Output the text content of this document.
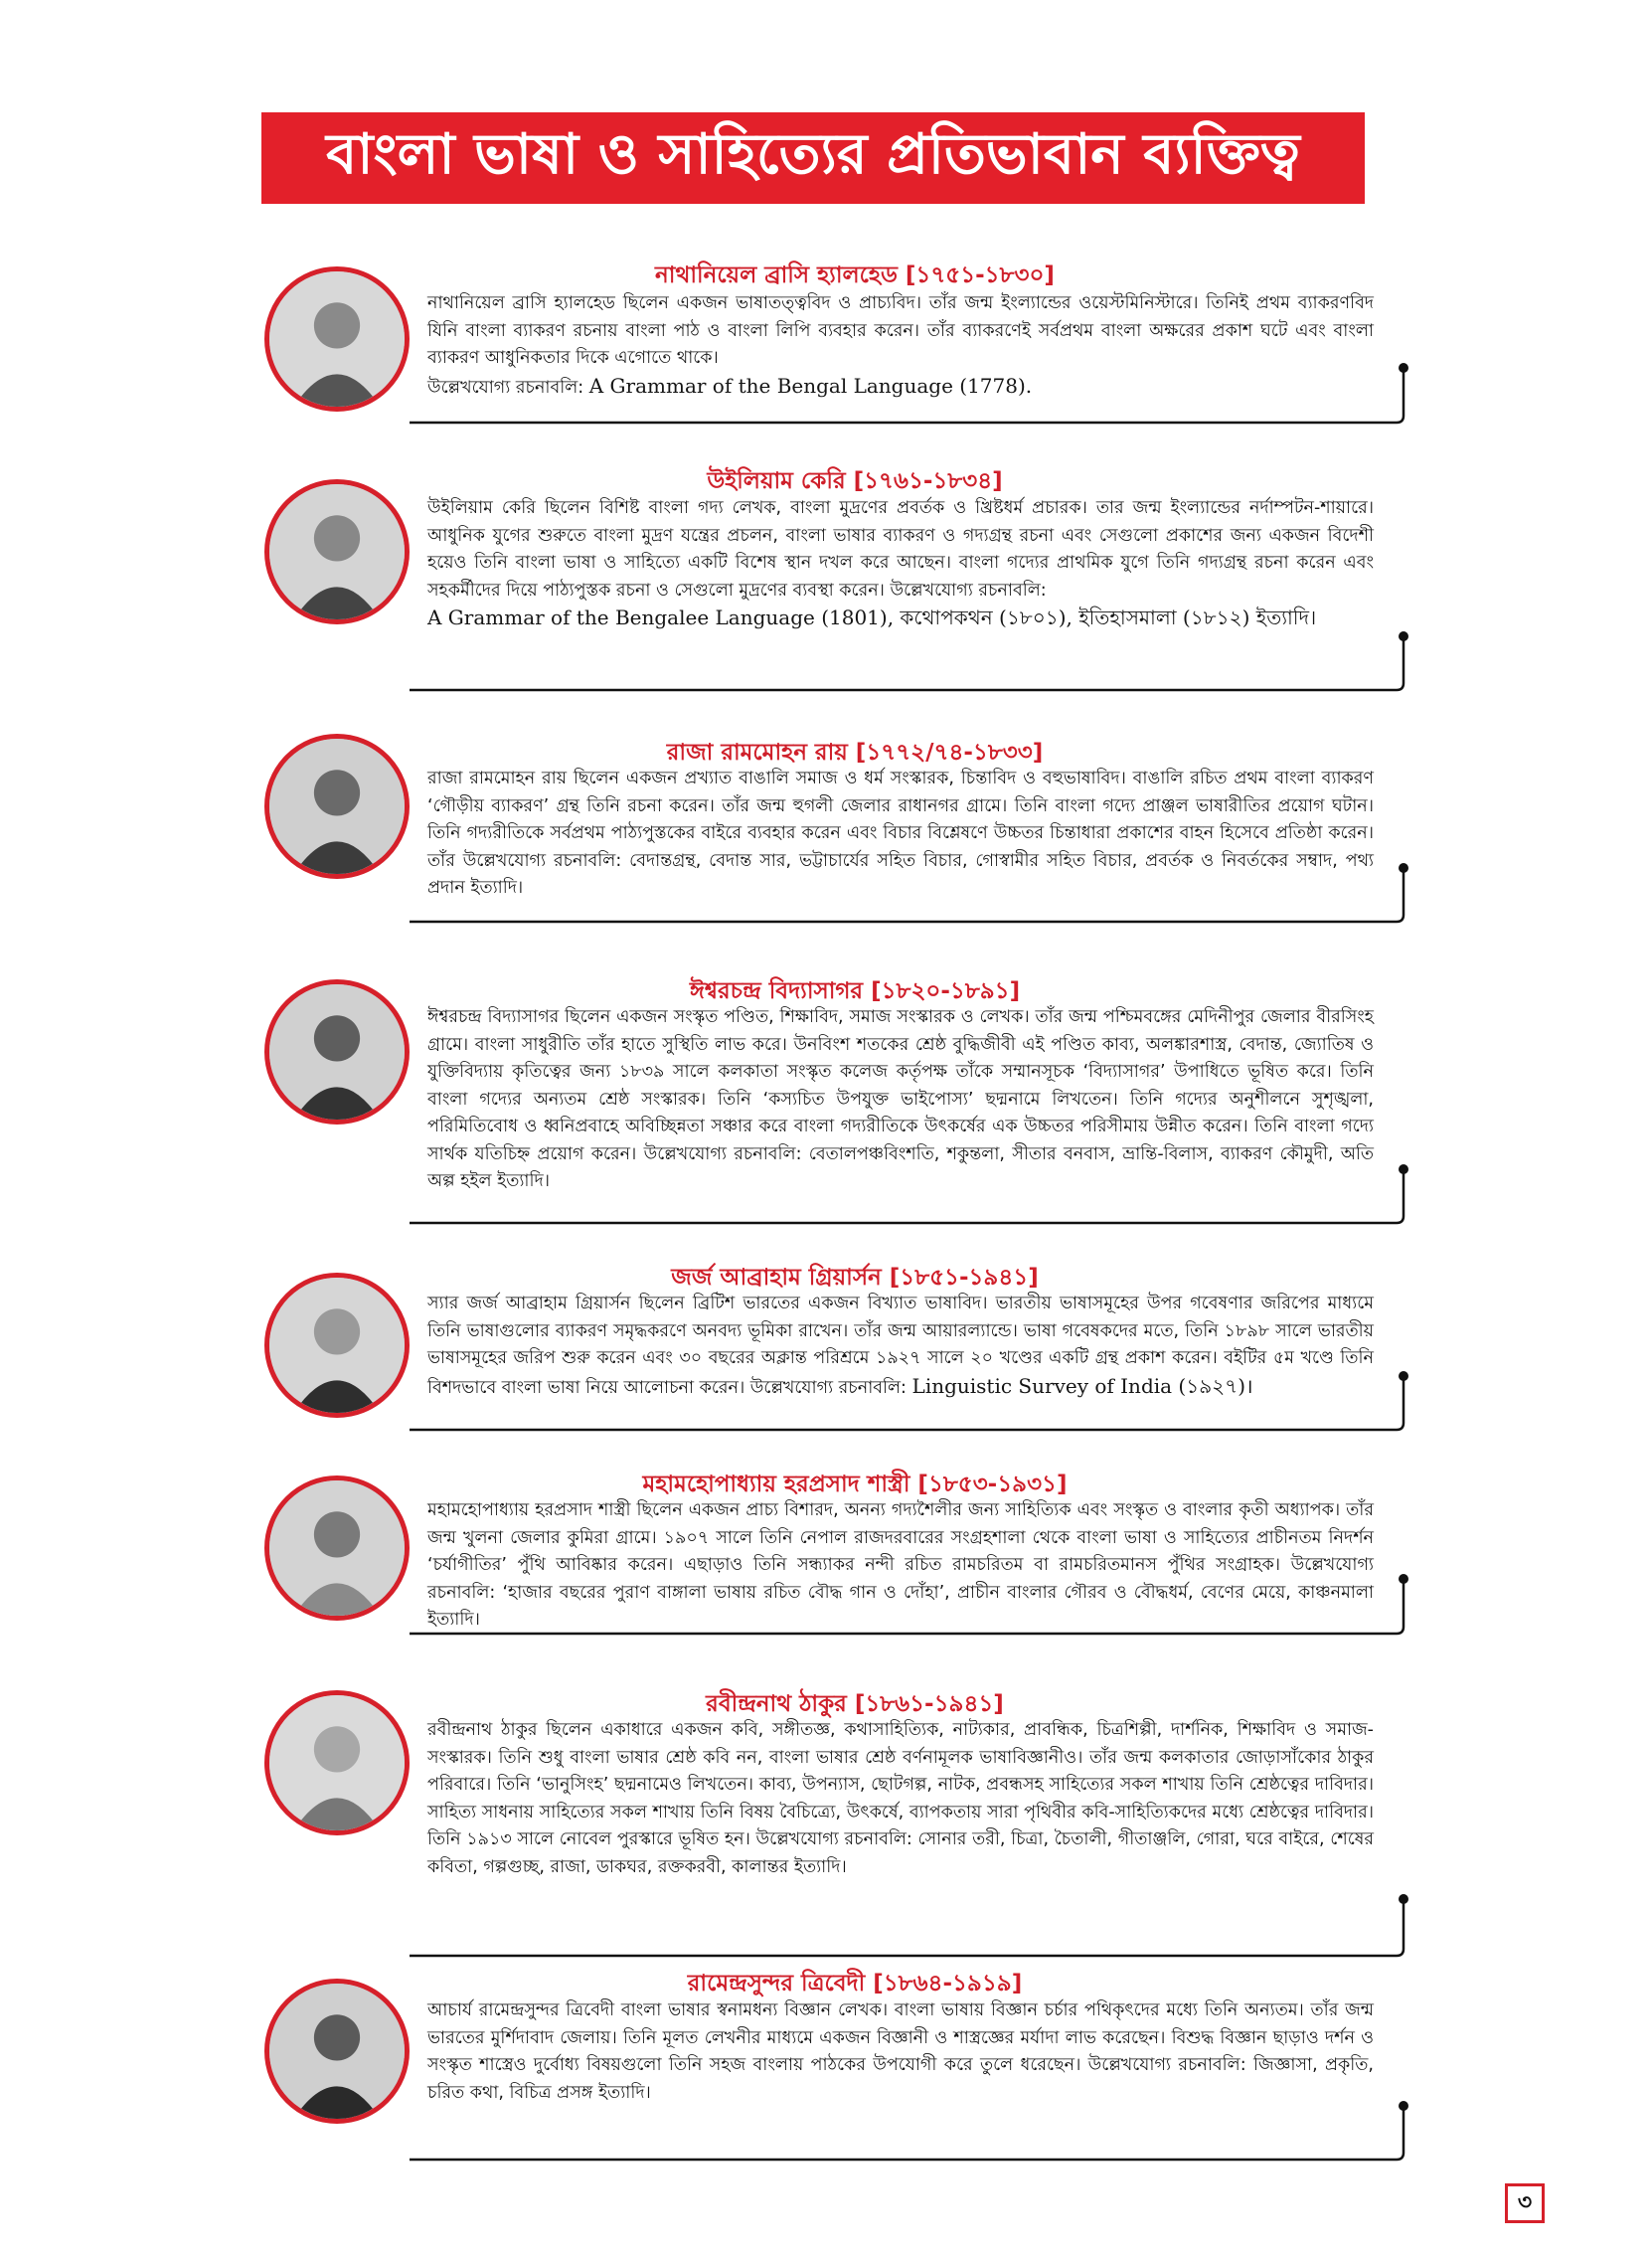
বাংলা ভাষা ও সাহিত্যের প্রতিভাবান ব্যক্তিত্ব
নাথানিয়েল ব্রাসি হ্যালহেড [১৭৫১-১৮৩০]

নাথানিয়েল ব্রাসি হ্যালহেড ছিলেন একজন ভাষাতত্ত্ববিদ ও প্রাচ্যবিদ। তাঁর জন্ম ইংল্যান্ডের ওয়েস্টমিনিস্টারে। তিনিই প্রথম ব্যাকরণবিদ যিনি বাংলা ব্যাকরণ রচনায় বাংলা পাঠ ও বাংলা লিপি ব্যবহার করেন। তাঁর ব্যাকরণেই সর্বপ্রথম বাংলা অক্ষরের প্রকাশ ঘটে এবং বাংলা ব্যাকরণ আধুনিকতার দিকে এগোতে থাকে।
উল্লেখযোগ্য রচনাবলি: A Grammar of the Bengal Language (1778).

উইলিয়াম কেরি [১৭৬১-১৮৩৪]

উইলিয়াম কেরি ছিলেন বিশিষ্ট বাংলা গদ্য লেখক, বাংলা মুদ্রণের প্রবর্তক ও খ্রিষ্টধর্ম প্রচারক। তার জন্ম ইংল্যান্ডের নর্দাম্পটন-শায়ারে। আধুনিক যুগের শুরুতে বাংলা মুদ্রণ যন্ত্রের প্রচলন, বাংলা ভাষার ব্যাকরণ ও গদ্যগ্রন্থ রচনা এবং সেগুলো প্রকাশের জন্য একজন বিদেশী হয়েও তিনি বাংলা ভাষা ও সাহিত্যে একটি বিশেষ স্থান দখল করে আছেন। বাংলা গদ্যের প্রাথমিক যুগে তিনি গদ্যগ্রন্থ রচনা করেন এবং সহকর্মীদের দিয়ে পাঠ্যপুস্তক রচনা ও সেগুলো মুদ্রণের ব্যবস্থা করেন। উল্লেখযোগ্য রচনাবলি:
A Grammar of the Bengalee Language (1801), কথোপকথন (১৮০১), ইতিহাসমালা (১৮১২) ইত্যাদি।

রাজা রামমোহন রায় [১৭৭২/৭৪-১৮৩৩]

রাজা রামমোহন রায় ছিলেন একজন প্রখ্যাত বাঙালি সমাজ ও ধর্ম সংস্কারক, চিন্তাবিদ ও বহুভাষাবিদ। বাঙালি রচিত প্রথম বাংলা ব্যাকরণ ‘গৌড়ীয় ব্যাকরণ’ গ্রন্থ তিনি রচনা করেন। তাঁর জন্ম হুগলী জেলার রাধানগর গ্রামে। তিনি বাংলা গদ্যে প্রাঞ্জল ভাষারীতির প্রয়োগ ঘটান। তিনি গদ্যরীতিকে সর্বপ্রথম পাঠ্যপুস্তকের বাইরে ব্যবহার করেন এবং বিচার বিশ্লেষণে উচ্চতর চিন্তাধারা প্রকাশের বাহন হিসেবে প্রতিষ্ঠা করেন। তাঁর উল্লেখযোগ্য রচনাবলি: বেদান্তগ্রন্থ, বেদান্ত সার, ভট্টাচার্যের সহিত বিচার, গোস্বামীর সহিত বিচার, প্রবর্তক ও নিবর্তকের সম্বাদ, পথ্য প্রদান ইত্যাদি।

ঈশ্বরচন্দ্র বিদ্যাসাগর [১৮২০-১৮৯১]

ঈশ্বরচন্দ্র বিদ্যাসাগর ছিলেন একজন সংস্কৃত পণ্ডিত, শিক্ষাবিদ, সমাজ সংস্কারক ও লেখক। তাঁর জন্ম পশ্চিমবঙ্গের মেদিনীপুর জেলার বীরসিংহ গ্রামে। বাংলা সাধুরীতি তাঁর হাতে সুস্থিতি লাভ করে। উনবিংশ শতকের শ্রেষ্ঠ বুদ্ধিজীবী এই পণ্ডিত কাব্য, অলঙ্কারশাস্ত্র, বেদান্ত, জ্যোতিষ ও যুক্তিবিদ্যায় কৃতিত্বের জন্য ১৮৩৯ সালে কলকাতা সংস্কৃত কলেজ কর্তৃপক্ষ তাঁকে সম্মানসূচক ‘বিদ্যাসাগর’ উপাধিতে ভূষিত করে। তিনি বাংলা গদ্যের অন্যতম শ্রেষ্ঠ সংস্কারক। তিনি ‘কস্যচিত উপযুক্ত ভাইপোস্য’ ছদ্মনামে লিখতেন। তিনি গদ্যের অনুশীলনে সুশৃঙ্খলা, পরিমিতিবোধ ও ধ্বনিপ্রবাহে অবিচ্ছিন্নতা সঞ্চার করে বাংলা গদ্যরীতিকে উৎকর্ষের এক উচ্চতর পরিসীমায় উন্নীত করেন। তিনি বাংলা গদ্যে সার্থক যতিচিহ্ন প্রয়োগ করেন। উল্লেখযোগ্য রচনাবলি: বেতালপঞ্চবিংশতি, শকুন্তলা, সীতার বনবাস, ভ্রান্তি-বিলাস, ব্যাকরণ কৌমুদী, অতি অল্প হইল ইত্যাদি।

জর্জ আব্রাহাম গ্রিয়ার্সন [১৮৫১-১৯৪১]

স্যার জর্জ আব্রাহাম গ্রিয়ার্সন ছিলেন ব্রিটিশ ভারতের একজন বিখ্যাত ভাষাবিদ। ভারতীয় ভাষাসমূহের উপর গবেষণার জরিপের মাধ্যমে তিনি ভাষাগুলোর ব্যাকরণ সমৃদ্ধকরণে অনবদ্য ভূমিকা রাখেন। তাঁর জন্ম আয়ারল্যান্ডে। ভাষা গবেষকদের মতে, তিনি ১৮৯৮ সালে ভারতীয় ভাষাসমূহের জরিপ শুরু করেন এবং ৩০ বছরের অক্লান্ত পরিশ্রমে ১৯২৭ সালে ২০ খণ্ডের একটি গ্রন্থ প্রকাশ করেন। বইটির ৫ম খণ্ডে তিনি বিশদভাবে বাংলা ভাষা নিয়ে আলোচনা করেন। উল্লেখযোগ্য রচনাবলি: Linguistic Survey of India (১৯২৭)।

মহামহোপাধ্যায় হরপ্রসাদ শাস্ত্রী [১৮৫৩-১৯৩১]

মহামহোপাধ্যায় হরপ্রসাদ শাস্ত্রী ছিলেন একজন প্রাচ্য বিশারদ, অনন্য গদ্যশৈলীর জন্য সাহিত্যিক এবং সংস্কৃত ও বাংলার কৃতী অধ্যাপক। তাঁর জন্ম খুলনা জেলার কুমিরা গ্রামে। ১৯০৭ সালে তিনি নেপাল রাজদরবারের সংগ্রহশালা থেকে বাংলা ভাষা ও সাহিত্যের প্রাচীনতম নিদর্শন ‘চর্যাগীতির’ পুঁথি আবিষ্কার করেন। এছাড়াও তিনি সন্ধ্যাকর নন্দী রচিত রামচরিতম বা রামচরিতমানস পুঁথির সংগ্রাহক। উল্লেখযোগ্য রচনাবলি: ‘হাজার বছরের পুরাণ বাঙ্গালা ভাষায় রচিত বৌদ্ধ গান ও দোঁহা’, প্রাচীন বাংলার গৌরব ও বৌদ্ধধর্ম, বেণের মেয়ে, কাঞ্চনমালা ইত্যাদি।

রবীন্দ্রনাথ ঠাকুর [১৮৬১-১৯৪১]

রবীন্দ্রনাথ ঠাকুর ছিলেন একাধারে একজন কবি, সঙ্গীতজ্ঞ, কথাসাহিত্যিক, নাট্যকার, প্রাবন্ধিক, চিত্রশিল্পী, দার্শনিক, শিক্ষাবিদ ও সমাজ-সংস্কারক। তিনি শুধু বাংলা ভাষার শ্রেষ্ঠ কবি নন, বাংলা ভাষার শ্রেষ্ঠ বর্ণনামূলক ভাষাবিজ্ঞানীও। তাঁর জন্ম কলকাতার জোড়াসাঁকোর ঠাকুর পরিবারে। তিনি ‘ভানুসিংহ’ ছদ্মনামেও লিখতেন। কাব্য, উপন্যাস, ছোটগল্প, নাটক, প্রবন্ধসহ সাহিত্যের সকল শাখায় তিনি শ্রেষ্ঠত্বের দাবিদার। সাহিত্য সাধনায় সাহিত্যের সকল শাখায় তিনি বিষয় বৈচিত্র্যে, উৎকর্ষে, ব্যাপকতায় সারা পৃথিবীর কবি-সাহিত্যিকদের মধ্যে শ্রেষ্ঠত্বের দাবিদার। তিনি ১৯১৩ সালে নোবেল পুরস্কারে ভূষিত হন। উল্লেখযোগ্য রচনাবলি: সোনার তরী, চিত্রা, চৈতালী, গীতাঞ্জলি, গোরা, ঘরে বাইরে, শেষের কবিতা, গল্পগুচ্ছ, রাজা, ডাকঘর, রক্তকরবী, কালান্তর ইত্যাদি।

রামেন্দ্রসুন্দর ত্রিবেদী [১৮৬৪-১৯১৯]

আচার্য রামেন্দ্রসুন্দর ত্রিবেদী বাংলা ভাষার স্বনামধন্য বিজ্ঞান লেখক। বাংলা ভাষায় বিজ্ঞান চর্চার পথিকৃৎদের মধ্যে তিনি অন্যতম। তাঁর জন্ম ভারতের মুর্শিদাবাদ জেলায়। তিনি মূলত লেখনীর মাধ্যমে একজন বিজ্ঞানী ও শাস্ত্রজ্ঞের মর্যাদা লাভ করেছেন। বিশুদ্ধ বিজ্ঞান ছাড়াও দর্শন ও সংস্কৃত শাস্ত্রেও দুর্বোধ্য বিষয়গুলো তিনি সহজ বাংলায় পাঠকের উপযোগী করে তুলে ধরেছেন। উল্লেখযোগ্য রচনাবলি: জিজ্ঞাসা, প্রকৃতি, চরিত কথা, বিচিত্র প্রসঙ্গ ইত্যাদি।

৩
